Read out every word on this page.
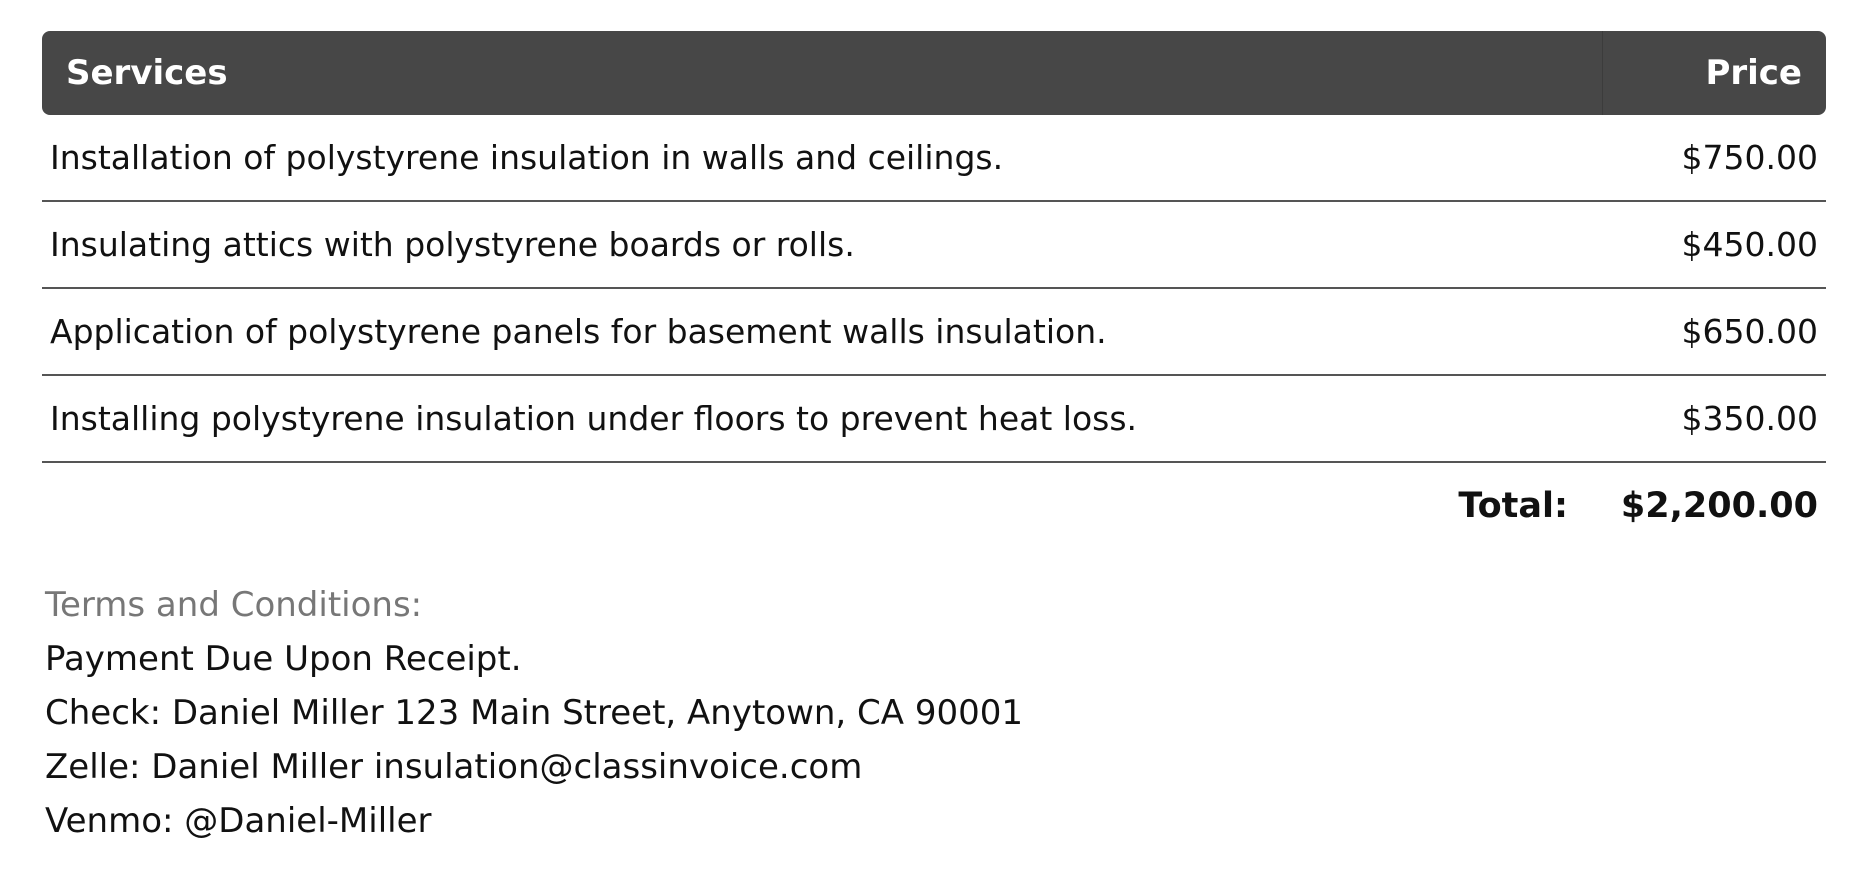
Services	Price
Installation of polystyrene insulation in walls and ceilings.	$750.00
Insulating attics with polystyrene boards or rolls.	$450.00
Application of polystyrene panels for basement walls insulation.	$650.00
Installing polystyrene insulation under floors to prevent heat loss.	$350.00
Total:	$2,200.00
Terms and Conditions:
Payment Due Upon Receipt.
Check: Daniel Miller 123 Main Street, Anytown, CA 90001
Zelle: Daniel Miller insulation@classinvoice.com
Venmo: @Daniel-Miller
